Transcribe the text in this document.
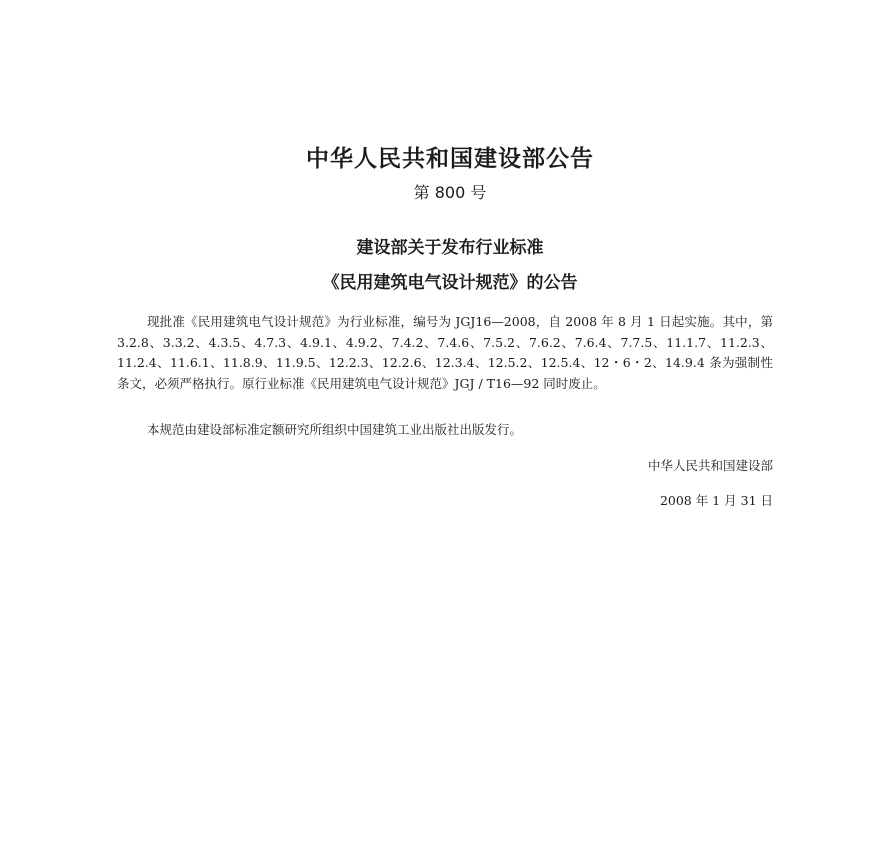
中华人民共和国建设部公告
第 800 号
建设部关于发布行业标准
《民用建筑电气设计规范》的公告

现批准《民用建筑电气设计规范》为行业标准，编号为 JGJ16—2008，自 2008 年 8 月 1 日起实施。其中，第 3.2.8、3.3.2、4.3.5、4.7.3、4.9.1、4.9.2、7.4.2、7.4.6、7.5.2、7.6.2、7.6.4、7.7.5、11.1.7、11.2.3、11.2.4、11.6.1、11.8.9、11.9.5、12.2.3、12.2.6、12.3.4、12.5.2、12.5.4、12・6・2、14.9.4 条为强制性条文，必须严格执行。原行业标准《民用建筑电气设计规范》JGJ / T16—92 同时废止。

本规范由建设部标准定额研究所组织中国建筑工业出版社出版发行。

中华人民共和国建设部
2008 年 1 月 31 日
